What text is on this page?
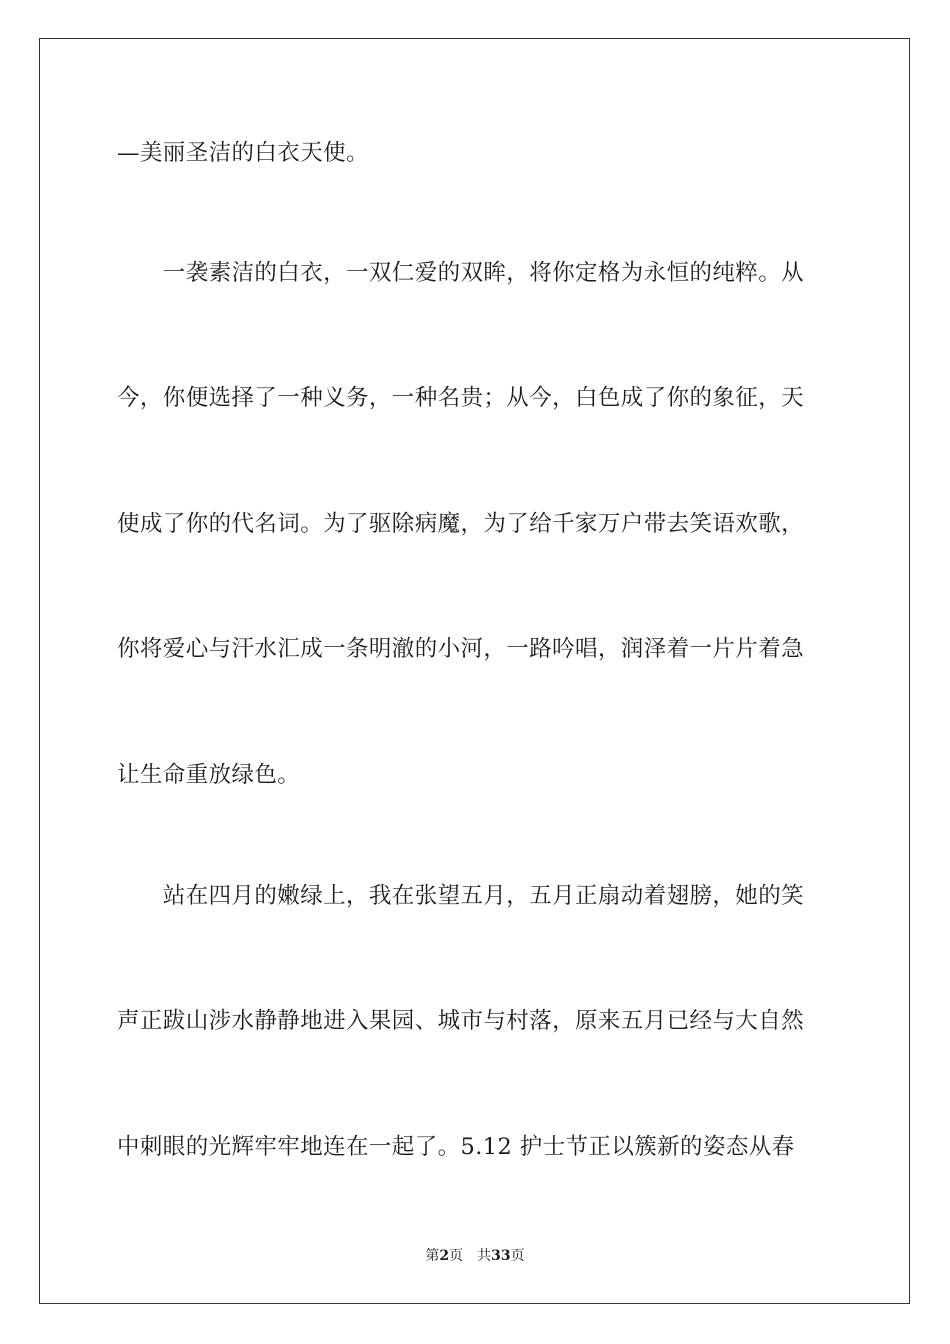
—美丽圣洁的白衣天使。
　　一袭素洁的白衣，一双仁爱的双眸，将你定格为永恒的纯粹。从
今，你便选择了一种义务，一种名贵；从今，白色成了你的象征，天
使成了你的代名词。为了驱除病魔，为了给千家万户带去笑语欢歌，
你将爱心与汗水汇成一条明澈的小河，一路吟唱，润泽着一片片着急
让生命重放绿色。
　　站在四月的嫩绿上，我在张望五月，五月正扇动着翅膀，她的笑
声正跋山涉水静静地进入果园、城市与村落，原来五月已经与大自然
中刺眼的光辉牢牢地连在一起了。5.12 护士节正以簇新的姿态从春
第2页 共33页
